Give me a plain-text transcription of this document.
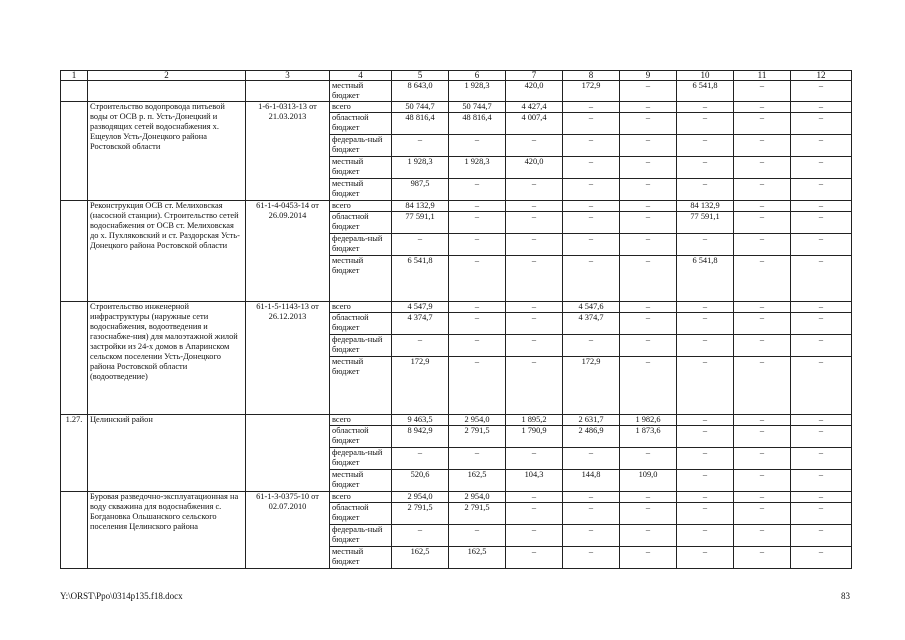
1	2	3	4	5	6	7	8	9	10	11	12
			местный бюджет	8 643,0	1 928,3	420,0	172,9	–	6 541,8	–	–
	Строительство водопровода питьевой воды от ОСВ р. п. Усть-Донецкий и разводящих сетей водоснабжения х. Ещеулов Усть-Донецкого района Ростовской области	1-6-1-0313-13 от 21.03.2013	всего	50 744,7	50 744,7	4 427,4	–	–	–	–	–
			областной бюджет	48 816,4	48 816,4	4 007,4	–	–	–	–	–
			федераль-ный бюджет	–	–	–	–	–	–	–	–
			местный бюджет	1 928,3	1 928,3	420,0	–	–	–	–	–
			местный бюджет	987,5	–	–	–	–	–	–	–
	Реконструкция ОСВ ст. Мелиховская (насосной станции). Строительство сетей водоснабжения от ОСВ ст. Мелиховская до х. Пухляковский и ст. Раздорская Усть-Донецкого района Ростовской области	61-1-4-0453-14 от 26.09.2014	всего	84 132,9	–	–	–	–	84 132,9	–	–
			областной бюджет	77 591,1	–	–	–	–	77 591,1	–	–
			федераль-ный бюджет	–	–	–	–	–	–	–	–
			местный бюджет	6 541,8	–	–	–	–	6 541,8	–	–
	Строительство инженерной инфраструктуры (наружные сети водоснабжения, водоотведения и газоснабже-ния) для малоэтажной жилой застройки из 24-х домов в Апаринском сельском поселении Усть-Донецкого района Ростовской области (водоотведение)	61-1-5-1143-13 от 26.12.2013	всего	4 547,9	–	–	4 547,6	–	–	–	–
			областной бюджет	4 374,7	–	–	4 374,7	–	–	–	–
			федераль-ный бюджет	–	–	–	–	–	–	–	–
			местный бюджет	172,9	–	–	172,9	–	–	–	–
1.27.	Целинский район		всего	9 463,5	2 954,0	1 895,2	2 631,7	1 982,6	–	–	–
			областной бюджет	8 942,9	2 791,5	1 790,9	2 486,9	1 873,6	–	–	–
			федераль-ный бюджет	–	–	–	–	–	–	–	–
			местный бюджет	520,6	162,5	104,3	144,8	109,0	–	–	–
	Буровая разведочно-эксплуатационная на воду скважина для водоснабжения с. Богдановка Ольшанского сельского поселения Целинского района	61-1-3-0375-10 от 02.07.2010	всего	2 954,0	2 954,0	–	–	–	–	–	–
			областной бюджет	2 791,5	2 791,5	–	–	–	–	–	–
			федераль-ный бюджет	–	–	–	–	–	–	–	–
			местный бюджет	162,5	162,5	–	–	–	–	–	–
Y:\ORST\Ppo\0314p135.f18.docx	83
